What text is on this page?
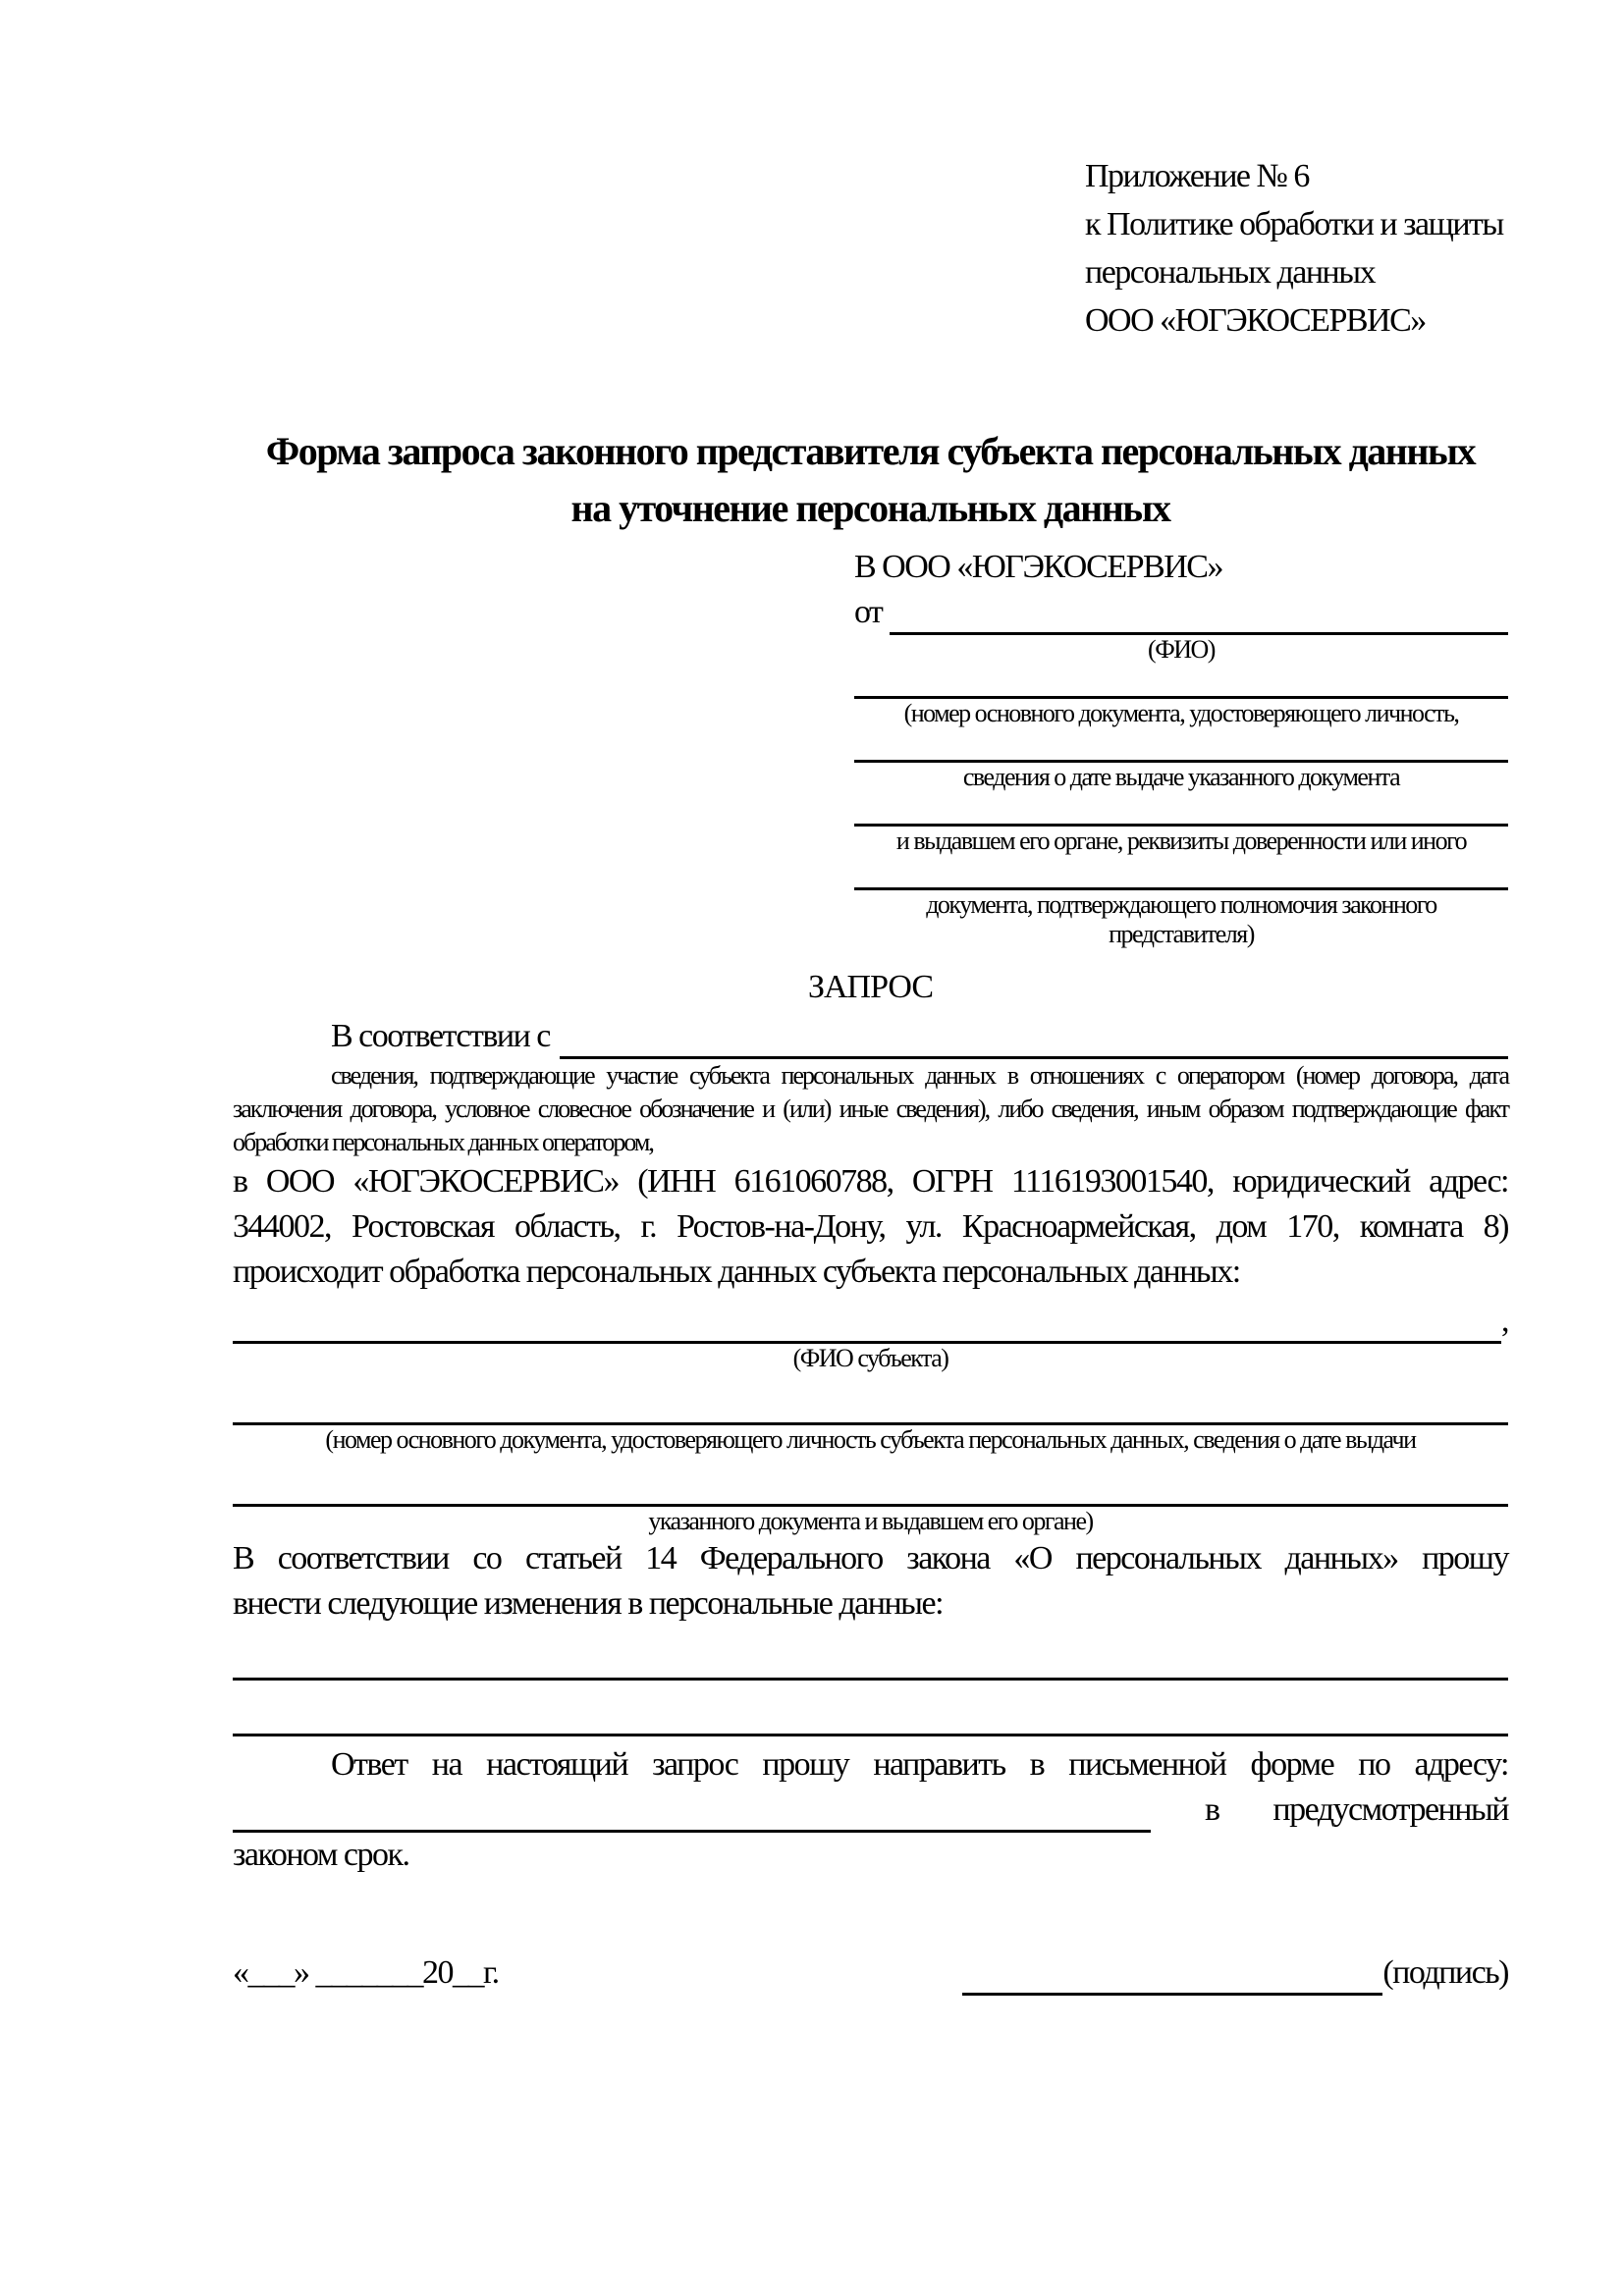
Приложение № 6
к Политике обработки и защиты
персональных данных
ООО «ЮГЭКОСЕРВИС»
Форма запроса законного представителя субъекта персональных данных
на уточнение персональных данных
В ООО «ЮГЭКОСЕРВИС»
от
(ФИО)
(номер основного документа, удостоверяющего личность,
сведения о дате выдаче указанного документа
и выдавшем его органе, реквизиты доверенности или иного
документа, подтверждающего полномочия законного представителя)
ЗАПРОС
В соответствии с
сведения, подтверждающие участие субъекта персональных данных в отношениях с оператором (номер договора, дата
заключения договора, условное словесное обозначение и (или) иные сведения), либо сведения, иным образом подтверждающие факт
обработки персональных данных оператором,
в ООО «ЮГЭКОСЕРВИС» (ИНН 6161060788, ОГРН 1116193001540, юридический адрес:
344002, Ростовская область, г. Ростов-на-Дону, ул. Красноармейская, дом 170, комната 8)
происходит обработка персональных данных субъекта персональных данных:
,
(ФИО субъекта)
(номер основного документа, удостоверяющего личность субъекта персональных данных, сведения о дате выдачи
указанного документа и выдавшем его органе)
В соответствии со статьей 14 Федерального закона «О персональных данных» прошу
внести следующие изменения в персональные данные:
Ответ на настоящий запрос прошу направить в письменной форме по адресу:
в предусмотренный
законом срок.
«___» _______20__г.	(подпись)
